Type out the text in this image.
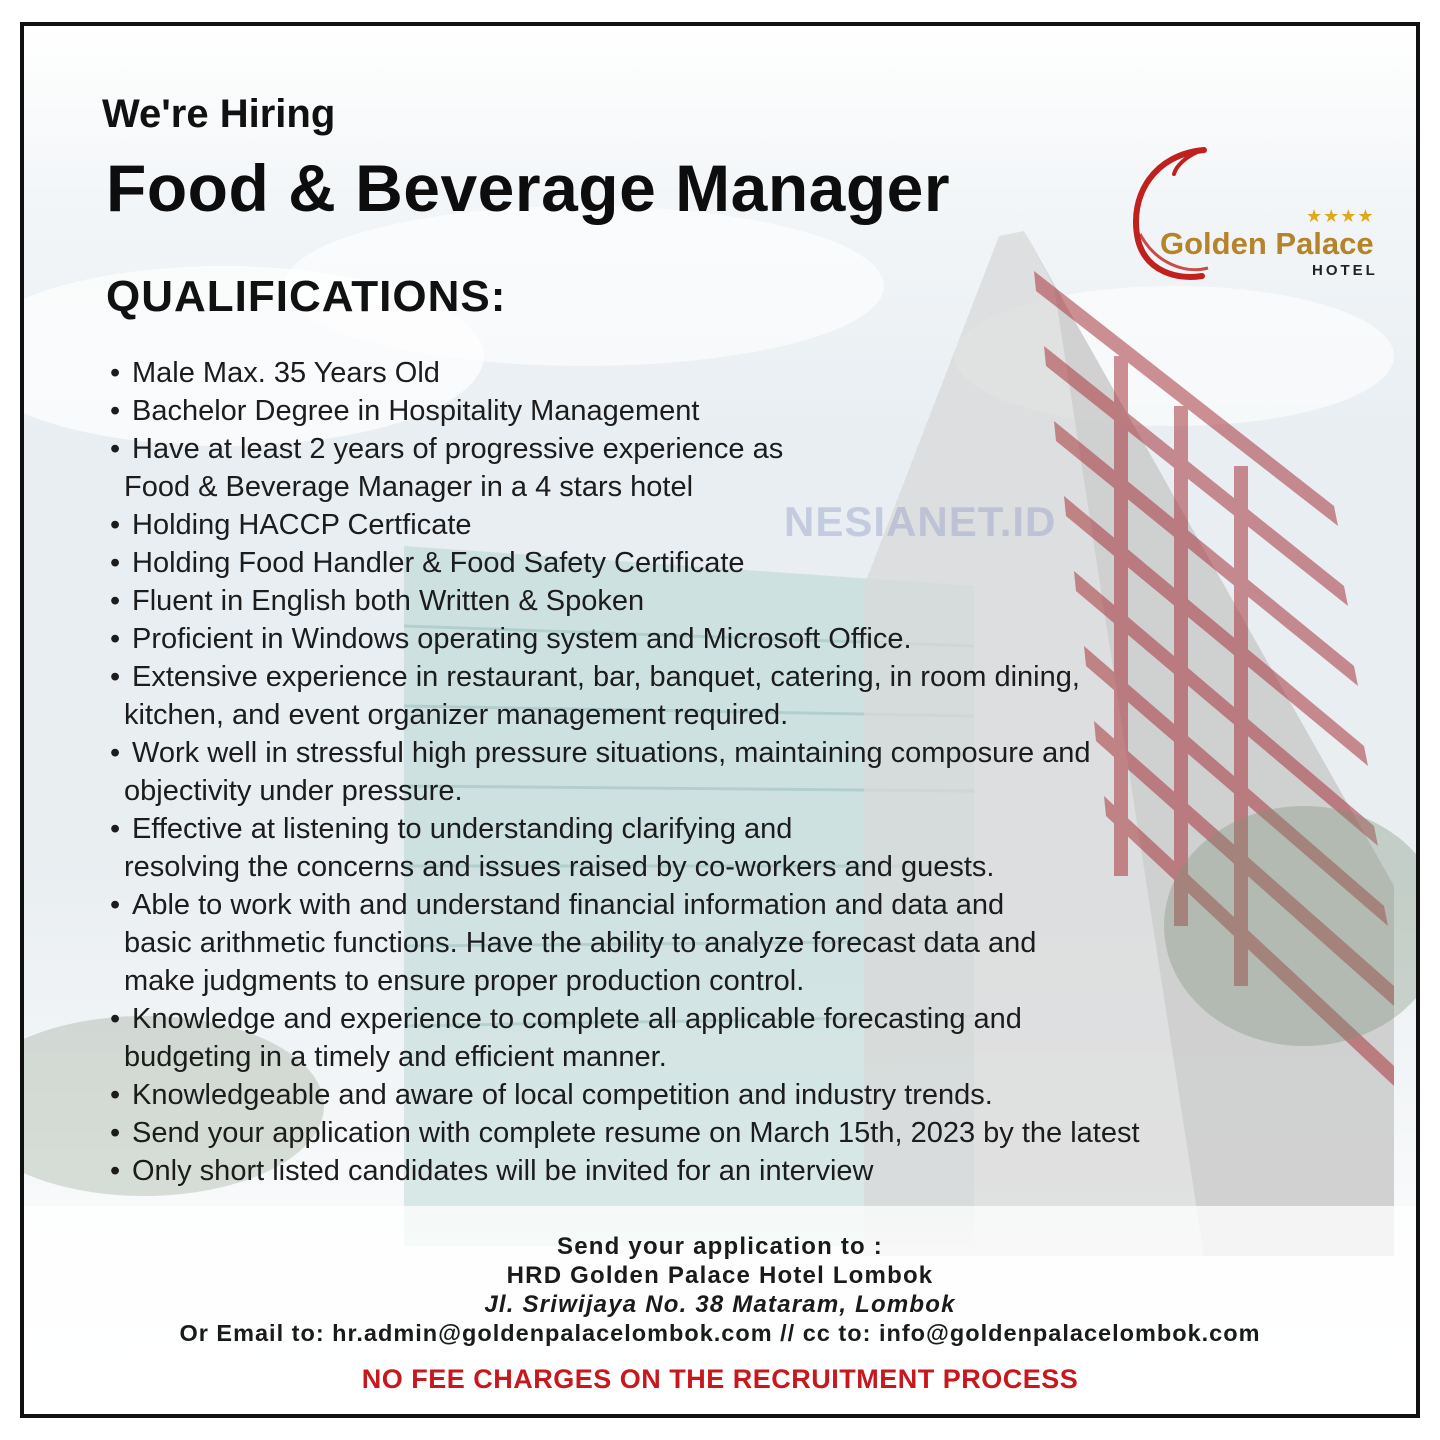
NESIANET.ID

★★★★

Golden Palace

HOTEL

We're Hiring
Food & Beverage Manager
QUALIFICATIONS:
• Male Max. 35 Years Old
• Bachelor Degree in Hospitality Management
• Have at least 2 years of progressive experience as
Food & Beverage Manager in a 4 stars hotel
• Holding HACCP Certficate
• Holding Food Handler & Food Safety Certificate
• Fluent in English both Written & Spoken
• Proficient in Windows operating system and Microsoft Office.
• Extensive experience in restaurant, bar, banquet, catering, in room dining,
kitchen, and event organizer management required.
• Work well in stressful high pressure situations, maintaining composure and
objectivity under pressure.
• Effective at listening to understanding clarifying and
resolving the concerns and issues raised by co-workers and guests.
• Able to work with and understand financial information and data and
basic arithmetic functions. Have the ability to analyze forecast data and
make judgments to ensure proper production control.
• Knowledge and experience to complete all applicable forecasting and
budgeting in a timely and efficient manner.
• Knowledgeable and aware of local competition and industry trends.
• Send your application with complete resume on March 15th, 2023 by the latest
• Only short listed candidates will be invited for an interview
Send your application to :
HRD Golden Palace Hotel Lombok
Jl. Sriwijaya No. 38 Mataram, Lombok
Or Email to: hr.admin@goldenpalacelombok.com // cc to: info@goldenpalacelombok.com

NO FEE CHARGES ON THE RECRUITMENT PROCESS
